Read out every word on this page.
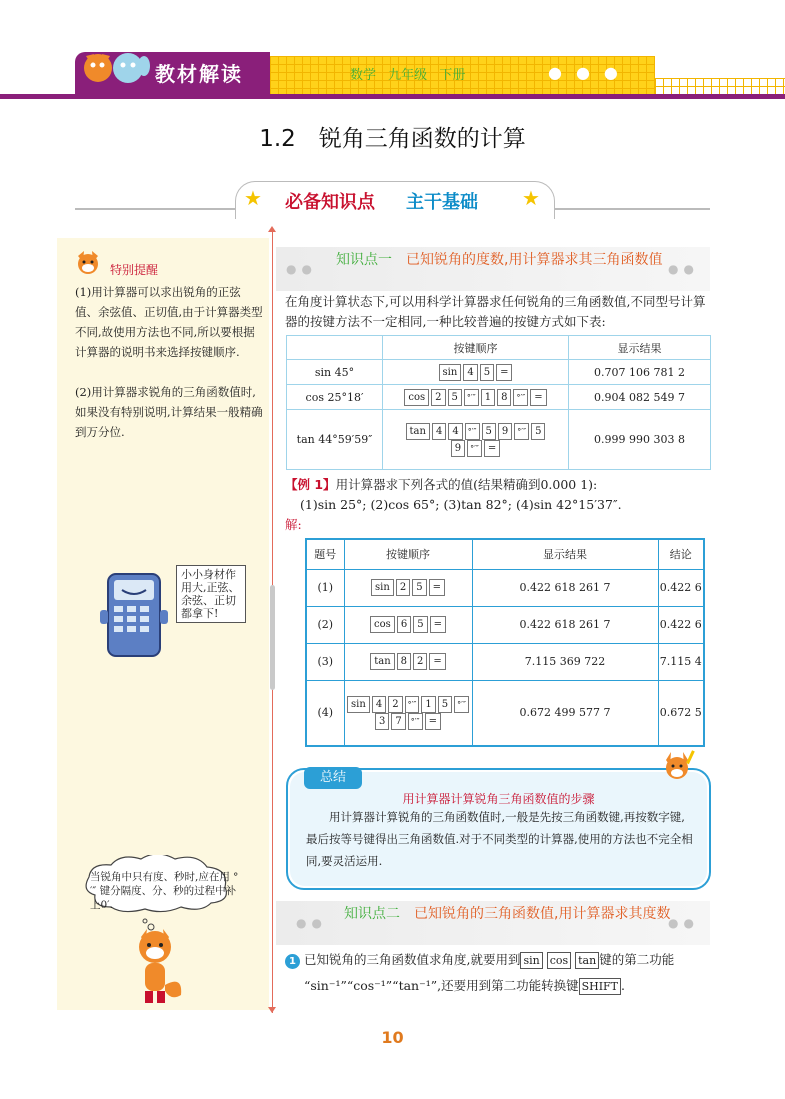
教材解读	数学 九年级 下册	●●●
1.2　锐角三角函数的计算
★	★
必备知识点 主干基础
特别提醒
(1)用计算器可以求出锐角的正弦值、余弦值、正切值,由于计算器类型不同,故使用方法也不同,所以要根据计算器的说明书来选择按键顺序.
(2)用计算器求锐角的三角函数值时,如果没有特别说明,计算结果一般精确到万分位.
小小身材作用大,正弦、余弦、正切都拿下!
当锐角中只有度、秒时,应在用 °′″ 键分隔度、分、秒的过程中补上0′.
●●	●●
知识点一　 已知锐角的度数,用计算器求其三角函数值
在角度计算状态下,可以用科学计算器求任何锐角的三角函数值,不同型号计算器的按键方法不一定相同,一种比较普遍的按键方式如下表:
	按键顺序	显示结果
sin 45°	sin 4 5 =	0.707 106 781 2
cos 25°18′	cos 2 5 °′″ 1 8 °′″ =	0.904 082 549 7
tan 44°59′59″	tan 4 4 °′″ 5 9 °′″ 5
9 °′″ =	0.999 990 303 8
【例 1】用计算器求下列各式的值(结果精确到0.000 1):
(1)sin 25°; (2)cos 65°; (3)tan 82°; (4)sin 42°15′37″.
解:
题号	按键顺序	显示结果	结论
(1)	sin 2 5 =	0.422 618 261 7	0.422 6
(2)	cos 6 5 =	0.422 618 261 7	0.422 6
(3)	tan 8 2 =	7.115 369 722	7.115 4
(4)	sin 4 2 °′″ 1 5 °′″
3 7 °′″ =	0.672 499 577 7	0.672 5
总结
用计算器计算锐角三角函数值的步骤
用计算器计算锐角的三角函数值时,一般是先按三角函数键,再按数字键,最后按等号键得出三角函数值.对于不同类型的计算器,使用的方法也不完全相同,要灵活运用.
●●	●●
知识点二　 已知锐角的三角函数值,用计算器求其度数
1 已知锐角的三角函数值求角度,就要用到 sin cos tan 键的第二功能
“sin⁻¹”“cos⁻¹”“tan⁻¹”,还要用到第二功能转换键 SHIFT .
10
